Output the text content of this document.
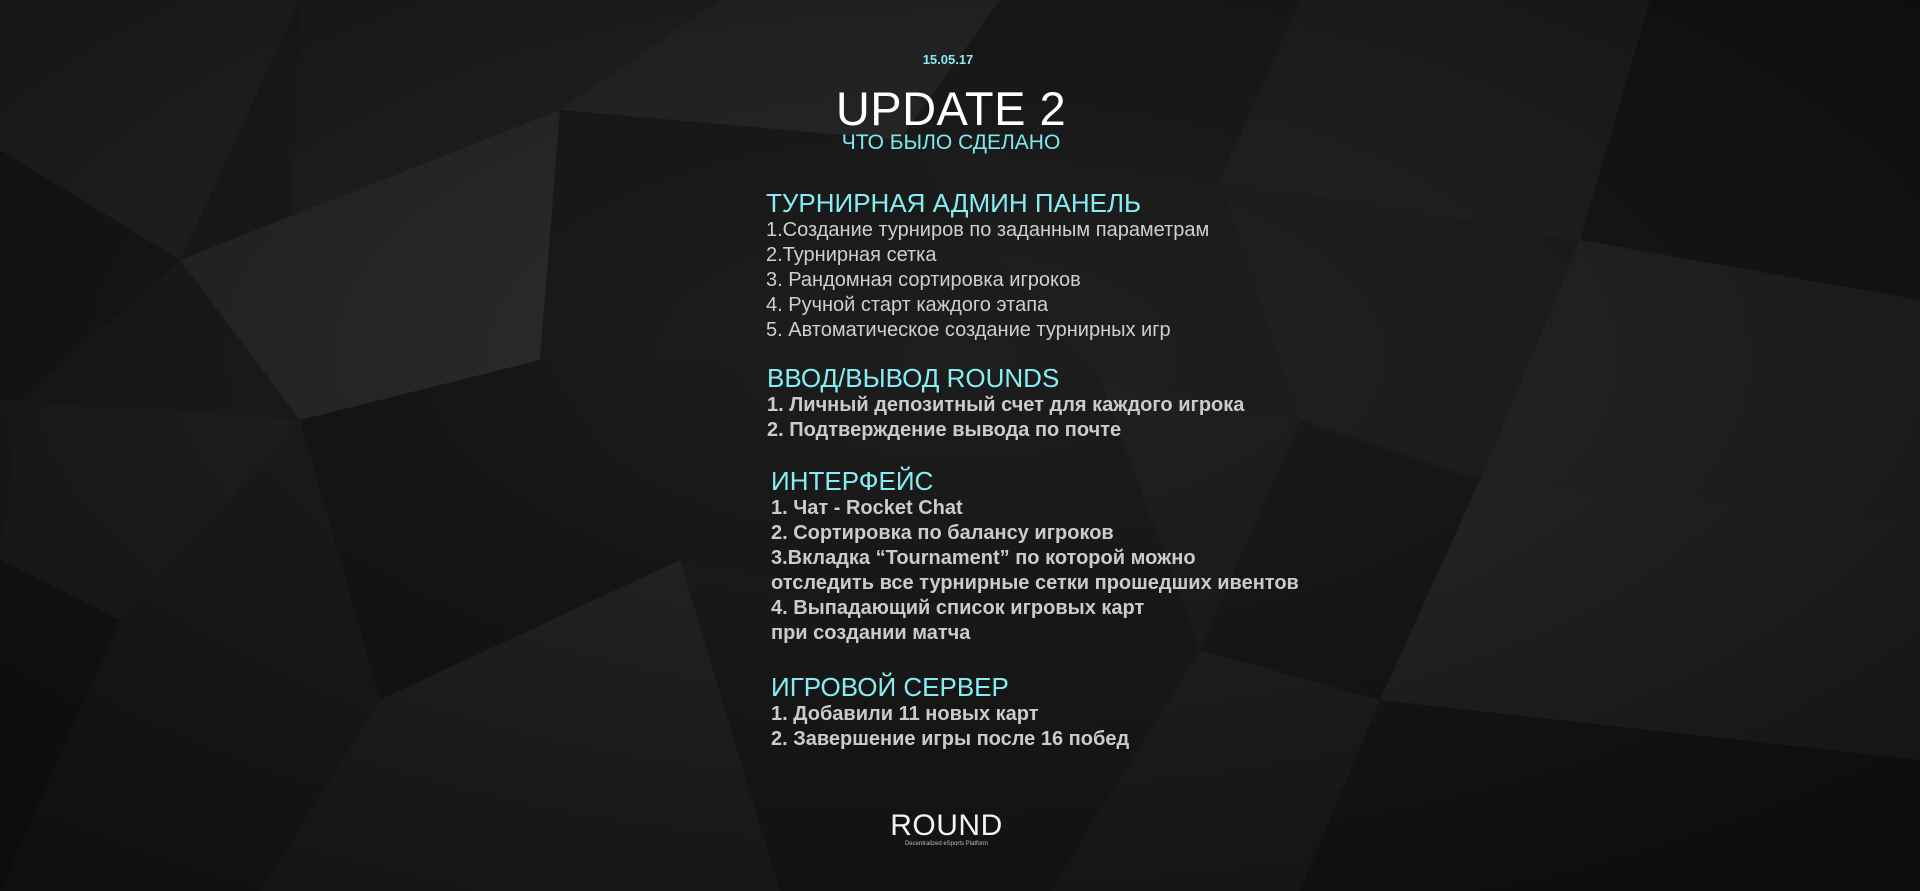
15.05.17
UPDATE 2
ЧТО БЫЛО СДЕЛАНО
ТУРНИРНАЯ АДМИН ПАНЕЛЬ
1.Создание турниров по заданным параметрам
2.Турнирная сетка
3. Рандомная сортировка игроков
4. Ручной старт каждого этапа
5. Автоматическое создание турнирных игр
ВВОД/ВЫВОД ROUNDS
1. Личный депозитный счет для каждого игрока
2. Подтверждение вывода по почте
ИНТЕРФЕЙС
1. Чат - Rocket Chat
2. Сортировка по балансу игроков
3.Вкладка “Tournament” по которой можно
отследить все турнирные сетки прошедших ивентов
4. Выпадающий список игровых карт
при создании матча
ИГРОВОЙ СЕРВЕР
1. Добавили 11 новых карт
2. Завершение игры после 16 побед
ROUND
Decentralized eSports Platform
